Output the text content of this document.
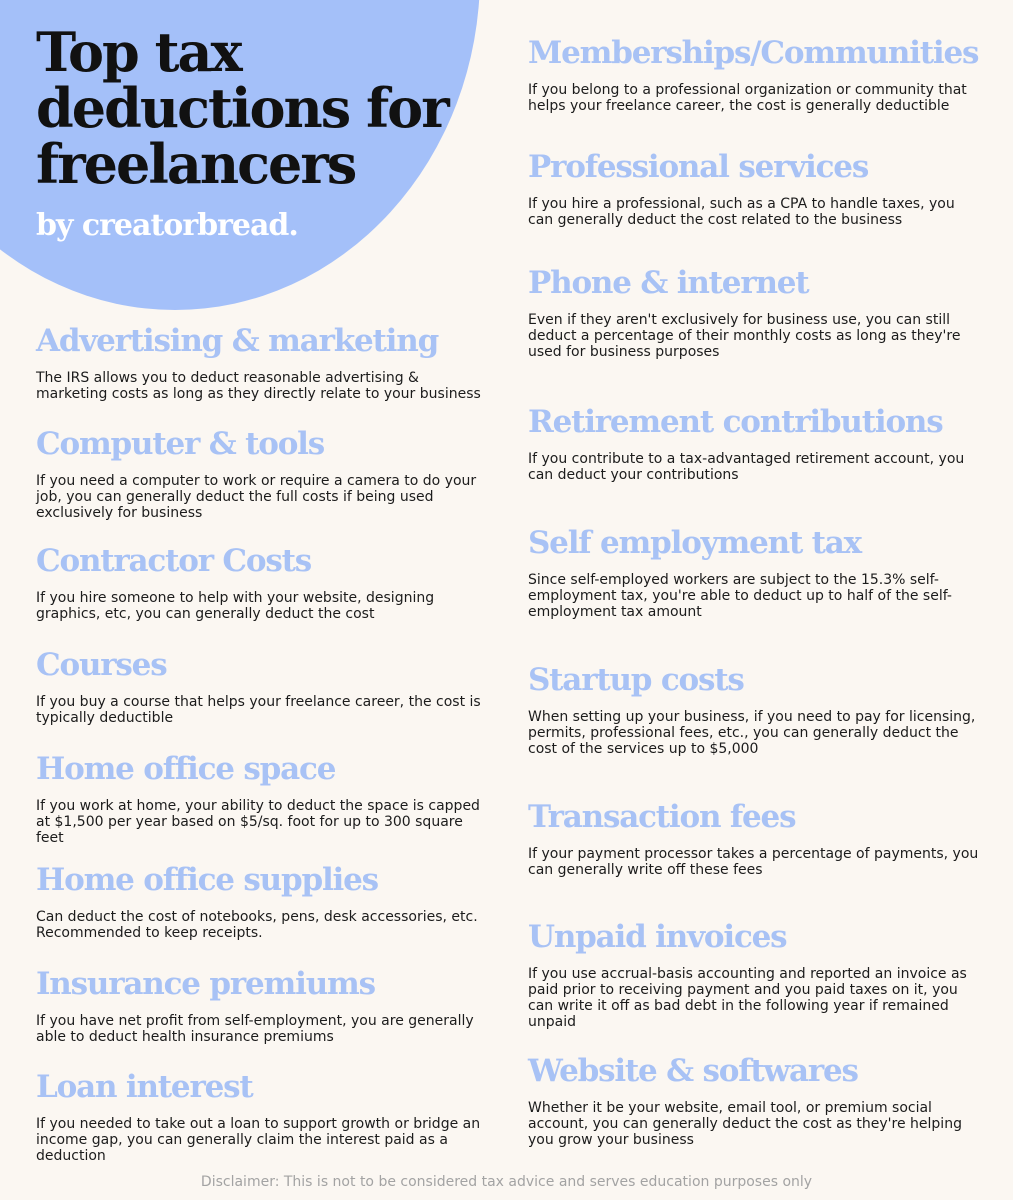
Top tax
deductions for
freelancers
by creatorbread.
Advertising & marketing

The IRS allows you to deduct reasonable advertising & marketing costs as long as they directly relate to your business

Computer & tools

If you need a computer to work or require a camera to do your job, you can generally deduct the full costs if being used exclusively for business

Contractor Costs

If you hire someone to help with your website, designing graphics, etc, you can generally deduct the cost

Courses

If you buy a course that helps your freelance career, the cost is typically deductible

Home office space

If you work at home, your ability to deduct the space is capped at $1,500 per year based on $5/sq. foot for up to 300 square feet

Home office supplies

Can deduct the cost of notebooks, pens, desk accessories, etc. Recommended to keep receipts.

Insurance premiums

If you have net profit from self-employment, you are generally able to deduct health insurance premiums

Loan interest

If you needed to take out a loan to support growth or bridge an income gap, you can generally claim the interest paid as a deduction

Memberships/Communities

If you belong to a professional organization or community that helps your freelance career, the cost is generally deductible

Professional services

If you hire a professional, such as a CPA to handle taxes, you can generally deduct the cost related to the business

Phone & internet

Even if they aren't exclusively for business use, you can still deduct a percentage of their monthly costs as long as they're used for business purposes

Retirement contributions

If you contribute to a tax-advantaged retirement account, you can deduct your contributions

Self employment tax

Since self-employed workers are subject to the 15.3% self-employment tax, you're able to deduct up to half of the self-employment tax amount

Startup costs

When setting up your business, if you need to pay for licensing, permits, professional fees, etc., you can generally deduct the cost of the services up to $5,000

Transaction fees

If your payment processor takes a percentage of payments, you can generally write off these fees

Unpaid invoices

If you use accrual-basis accounting and reported an invoice as paid prior to receiving payment and you paid taxes on it, you can write it off as bad debt in the following year if remained unpaid

Website & softwares

Whether it be your website, email tool, or premium social account, you can generally deduct the cost as they're helping you grow your business

Disclaimer: This is not to be considered tax advice and serves education purposes only
